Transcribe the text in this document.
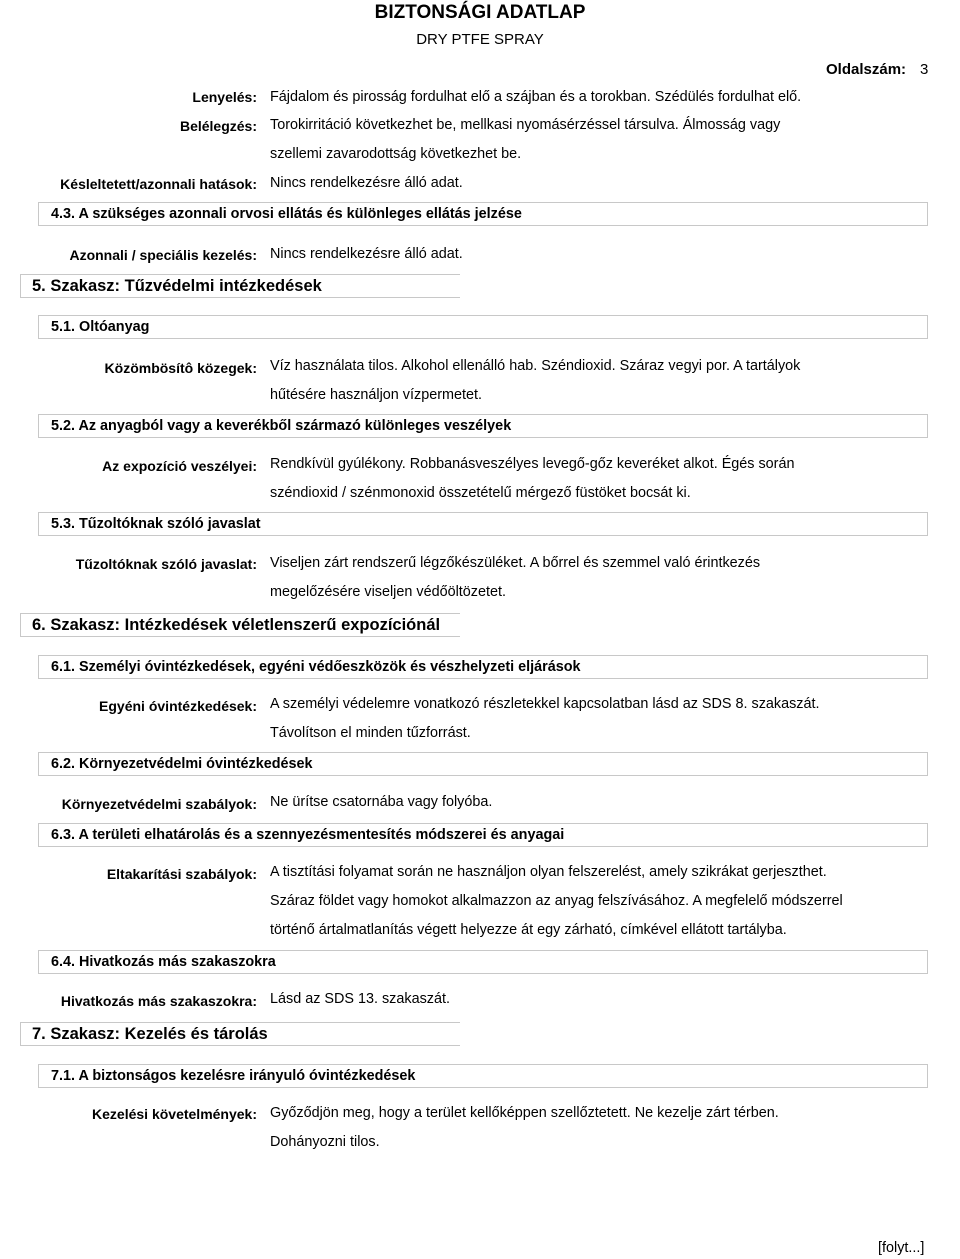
BIZTONSÁGI ADATLAP
DRY PTFE SPRAY
Oldalszám: 3
Lenyelés: Fájdalom és pirosság fordulhat elő a szájban és a torokban. Szédülés fordulhat elő.
Belélegzés: Torokirritáció következhet be, mellkasi nyomásérzéssel társulva. Álmosság vagy
szellemi zavarodottság következhet be.
Késleltetett/azonnali hatások: Nincs rendelkezésre álló adat.
4.3. A szükséges azonnali orvosi ellátás és különleges ellátás jelzése
Azonnali / speciális kezelés: Nincs rendelkezésre álló adat.
5. Szakasz: Tűzvédelmi intézkedések
5.1. Oltóanyag
Közömbösítô közegek: Víz használata tilos. Alkohol ellenálló hab. Széndioxid. Száraz vegyi por. A tartályok
hűtésére használjon vízpermetet.
5.2. Az anyagból vagy a keverékből származó különleges veszélyek
Az expozíció veszélyei: Rendkívül gyúlékony. Robbanásveszélyes levegő-gőz keveréket alkot. Égés során
széndioxid / szénmonoxid összetételű mérgező füstöket bocsát ki.
5.3. Tűzoltóknak szóló javaslat
Tűzoltóknak szóló javaslat: Viseljen zárt rendszerű légzőkészüléket. A bőrrel és szemmel való érintkezés
megelőzésére viseljen védőöltözetet.
6. Szakasz: Intézkedések véletlenszerű expozíciónál
6.1. Személyi óvintézkedések, egyéni védőeszközök és vészhelyzeti eljárások
Egyéni óvintézkedések: A személyi védelemre vonatkozó részletekkel kapcsolatban lásd az SDS 8. szakaszát.
Távolítson el minden tűzforrást.
6.2. Környezetvédelmi óvintézkedések
Környezetvédelmi szabályok: Ne ürítse csatornába vagy folyóba.
6.3. A területi elhatárolás és a szennyezésmentesítés módszerei és anyagai
Eltakarítási szabályok: A tisztítási folyamat során ne használjon olyan felszerelést, amely szikrákat gerjeszthet.
Száraz földet vagy homokot alkalmazzon az anyag felszívásához. A megfelelő módszerrel
történő ártalmatlanítás végett helyezze át egy zárható, címkével ellátott tartályba.
6.4. Hivatkozás más szakaszokra
Hivatkozás más szakaszokra: Lásd az SDS 13. szakaszát.
7. Szakasz: Kezelés és tárolás
7.1. A biztonságos kezelésre irányuló óvintézkedések
Kezelési követelmények: Győződjön meg, hogy a terület kellőképpen szellőztetett. Ne kezelje zárt térben.
Dohányozni tilos.
[folyt...]
